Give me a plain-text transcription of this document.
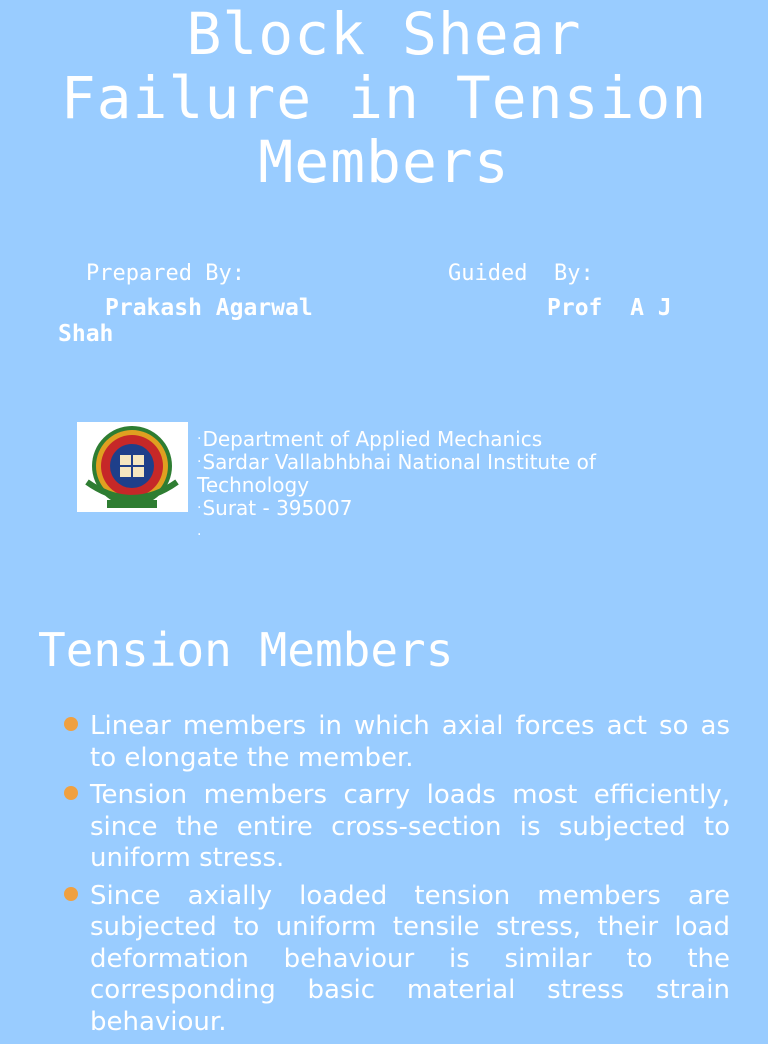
Block Shear
Failure in Tension
Members
Prepared By:	Guided  By:
Prakash Agarwal
Shah
Prof  A J
·Department of Applied Mechanics
·Sardar Vallabhbhai National Institute of
Technology
·Surat - 395007
·
Tension Members
Linear members in which axial forces act so as to elongate the member.
Tension members carry loads most efficiently, since the entire cross-section is subjected to uniform stress.
Since axially loaded tension members are subjected to uniform tensile stress, their load deformation behaviour is similar to the corresponding basic material stress strain behaviour.
